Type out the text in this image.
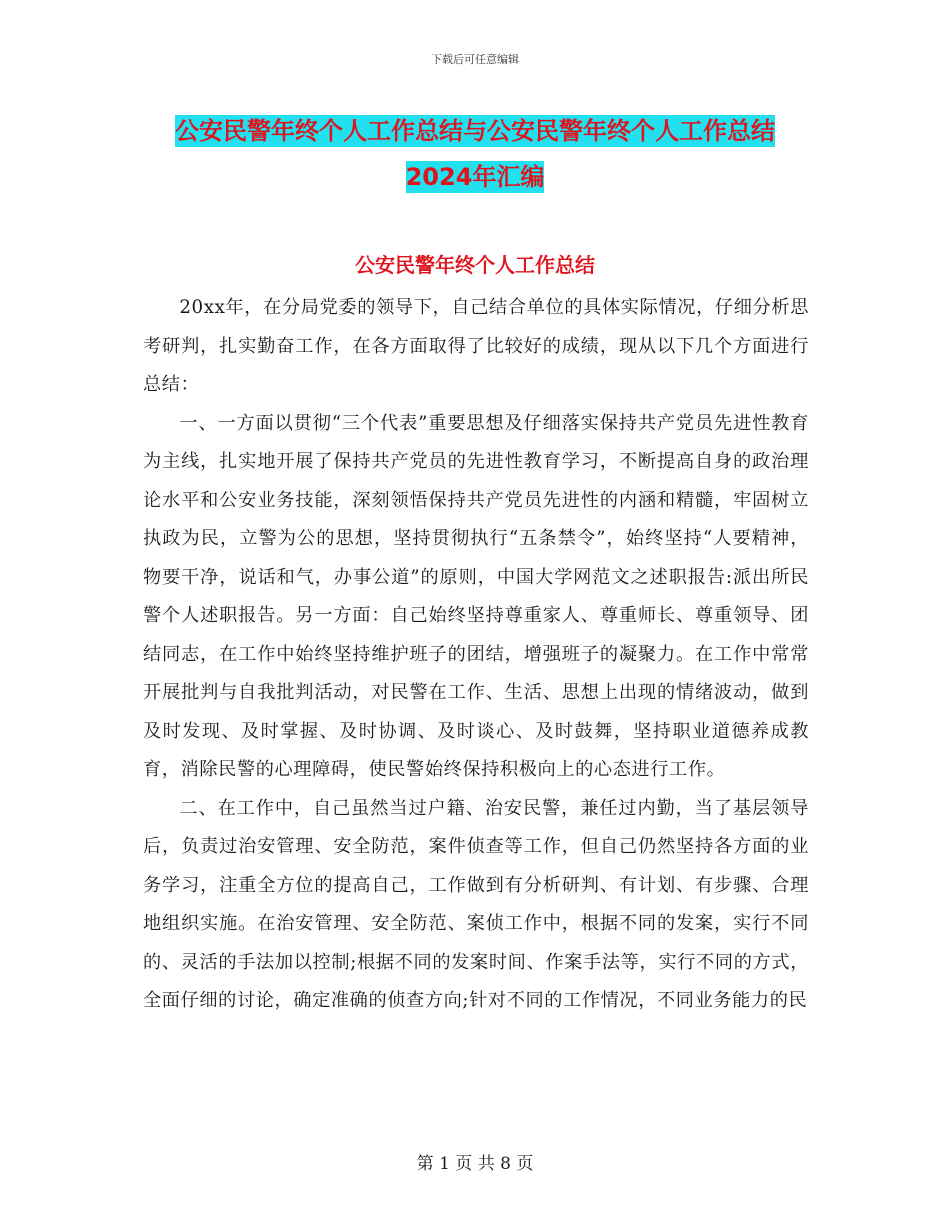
下载后可任意编辑
公安民警年终个人工作总结与公安民警年终个人工作总结2024年汇编
公安民警年终个人工作总结

20xx年，在分局党委的领导下，自己结合单位的具体实际情况，仔细分析思考研判，扎实勤奋工作，在各方面取得了比较好的成绩，现从以下几个方面进行总结：

一、一方面以贯彻“三个代表”重要思想及仔细落实保持共产党员先进性教育为主线，扎实地开展了保持共产党员的先进性教育学习，不断提高自身的政治理论水平和公安业务技能，深刻领悟保持共产党员先进性的内涵和精髓，牢固树立执政为民，立警为公的思想，坚持贯彻执行“五条禁令”，始终坚持“人要精神，物要干净，说话和气，办事公道”的原则，中国大学网范文之述职报告:派出所民警个人述职报告。另一方面：自己始终坚持尊重家人、尊重师长、尊重领导、团结同志，在工作中始终坚持维护班子的团结，增强班子的凝聚力。在工作中常常开展批判与自我批判活动，对民警在工作、生活、思想上出现的情绪波动，做到及时发现、及时掌握、及时协调、及时谈心、及时鼓舞，坚持职业道德养成教育，消除民警的心理障碍，使民警始终保持积极向上的心态进行工作。

二、在工作中，自己虽然当过户籍、治安民警，兼任过内勤，当了基层领导后，负责过治安管理、安全防范，案件侦查等工作，但自己仍然坚持各方面的业务学习，注重全方位的提高自己，工作做到有分析研判、有计划、有步骤、合理地组织实施。在治安管理、安全防范、案侦工作中，根据不同的发案，实行不同的、灵活的手法加以控制;根据不同的发案时间、作案手法等，实行不同的方式，全面仔细的讨论，确定准确的侦查方向;针对不同的工作情况，不同业务能力的民

第 1 页 共 8 页
